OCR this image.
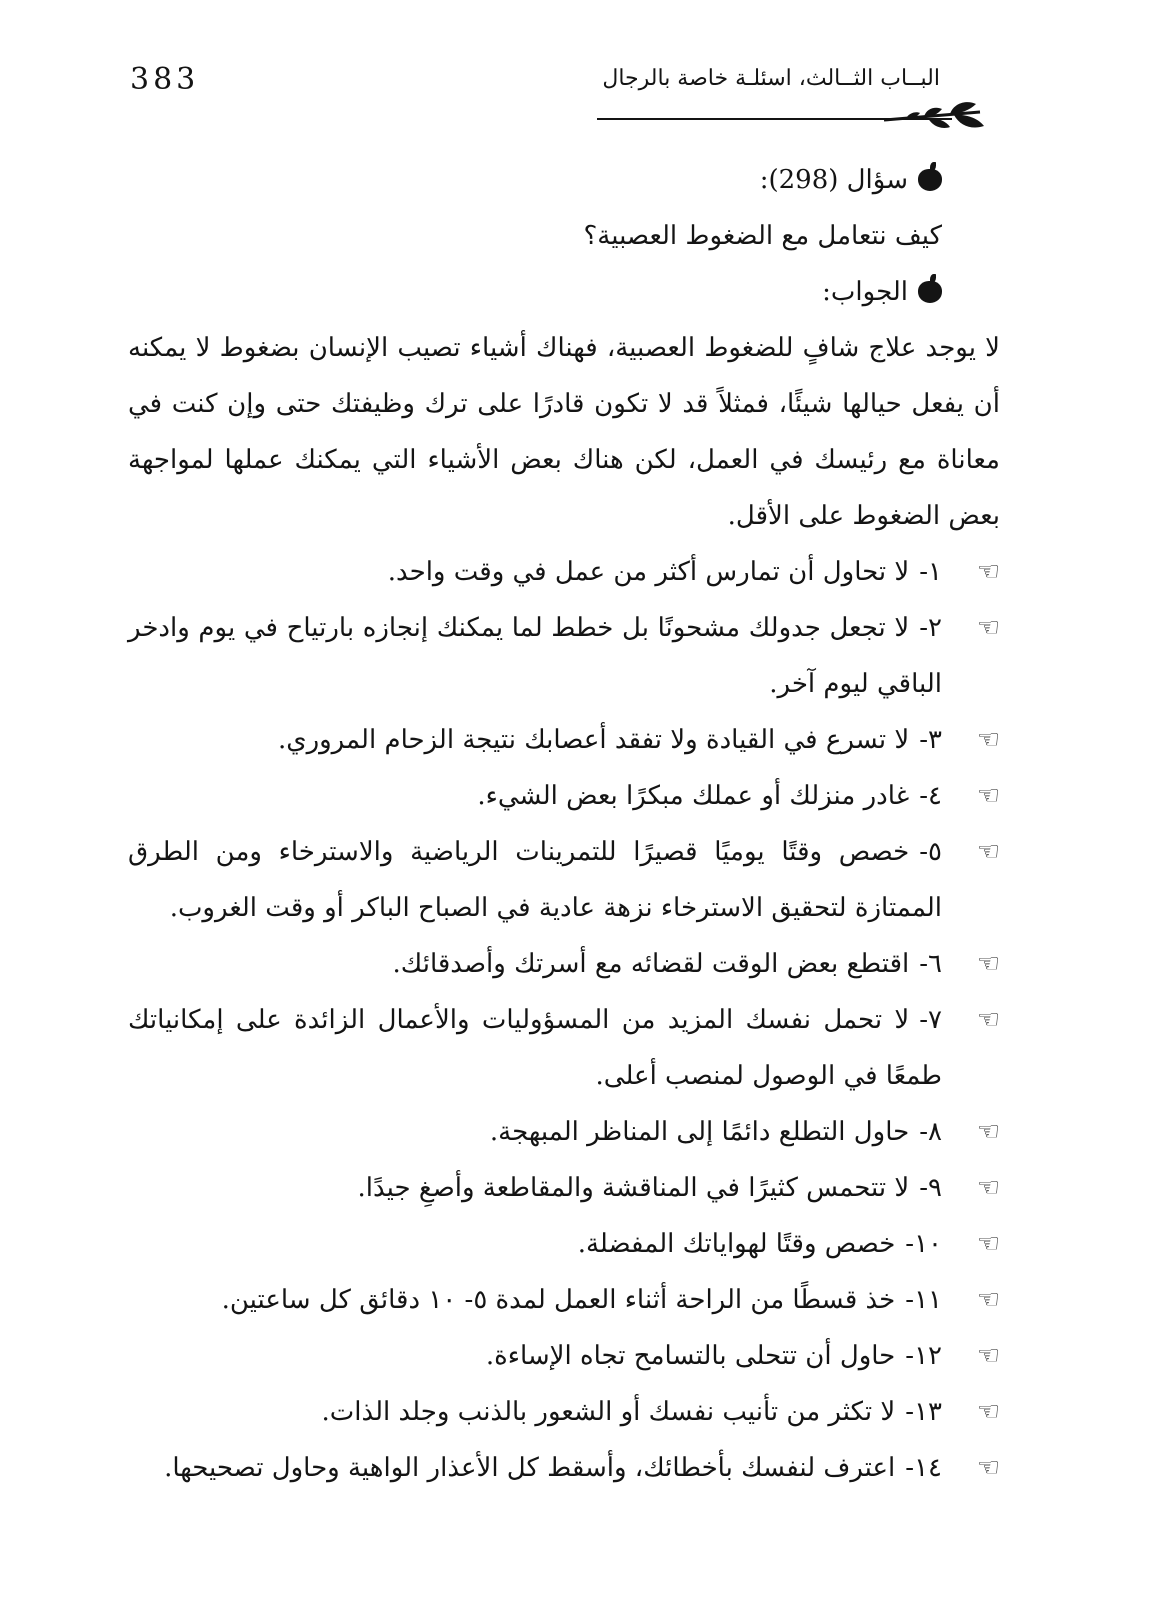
383	البــاب الثــالث، اسئلـة خاصة بالرجال

سؤال (298):

كيف نتعامل مع الضغوط العصبية؟

الجواب:

لا يوجد علاج شافٍ للضغوط العصبية، فهناك أشياء تصيب الإنسان بضغوط لا يمكنه أن يفعل حيالها شيئًا، فمثلاً قد لا تكون قادرًا على ترك وظيفتك حتى وإن كنت في معاناة مع رئيسك في العمل، لكن هناك بعض الأشياء التي يمكنك عملها لمواجهة بعض الضغوط على الأقل.

☜١-لا تحاول أن تمارس أكثر من عمل في وقت واحد.

☜٢-لا تجعل جدولك مشحونًا بل خطط لما يمكنك إنجازه بارتياح في يوم وادخر الباقي ليوم آخر.

☜٣-لا تسرع في القيادة ولا تفقد أعصابك نتيجة الزحام المروري.

☜٤-غادر منزلك أو عملك مبكرًا بعض الشيء.

☜٥-خصص وقتًا يوميًا قصيرًا للتمرينات الرياضية والاسترخاء ومن الطرق الممتازة لتحقيق الاسترخاء نزهة عادية في الصباح الباكر أو وقت الغروب.

☜٦-اقتطع بعض الوقت لقضائه مع أسرتك وأصدقائك.

☜٧-لا تحمل نفسك المزيد من المسؤوليات والأعمال الزائدة على إمكانياتك طمعًا في الوصول لمنصب أعلى.

☜٨-حاول التطلع دائمًا إلى المناظر المبهجة.

☜٩-لا تتحمس كثيرًا في المناقشة والمقاطعة وأصغِ جيدًا.

☜١٠-خصص وقتًا لهواياتك المفضلة.

☜١١-خذ قسطًا من الراحة أثناء العمل لمدة ٥- ١٠ دقائق كل ساعتين.

☜١٢-حاول أن تتحلى بالتسامح تجاه الإساءة.

☜١٣-لا تكثر من تأنيب نفسك أو الشعور بالذنب وجلد الذات.

☜١٤-اعترف لنفسك بأخطائك، وأسقط كل الأعذار الواهية وحاول تصحيحها.
